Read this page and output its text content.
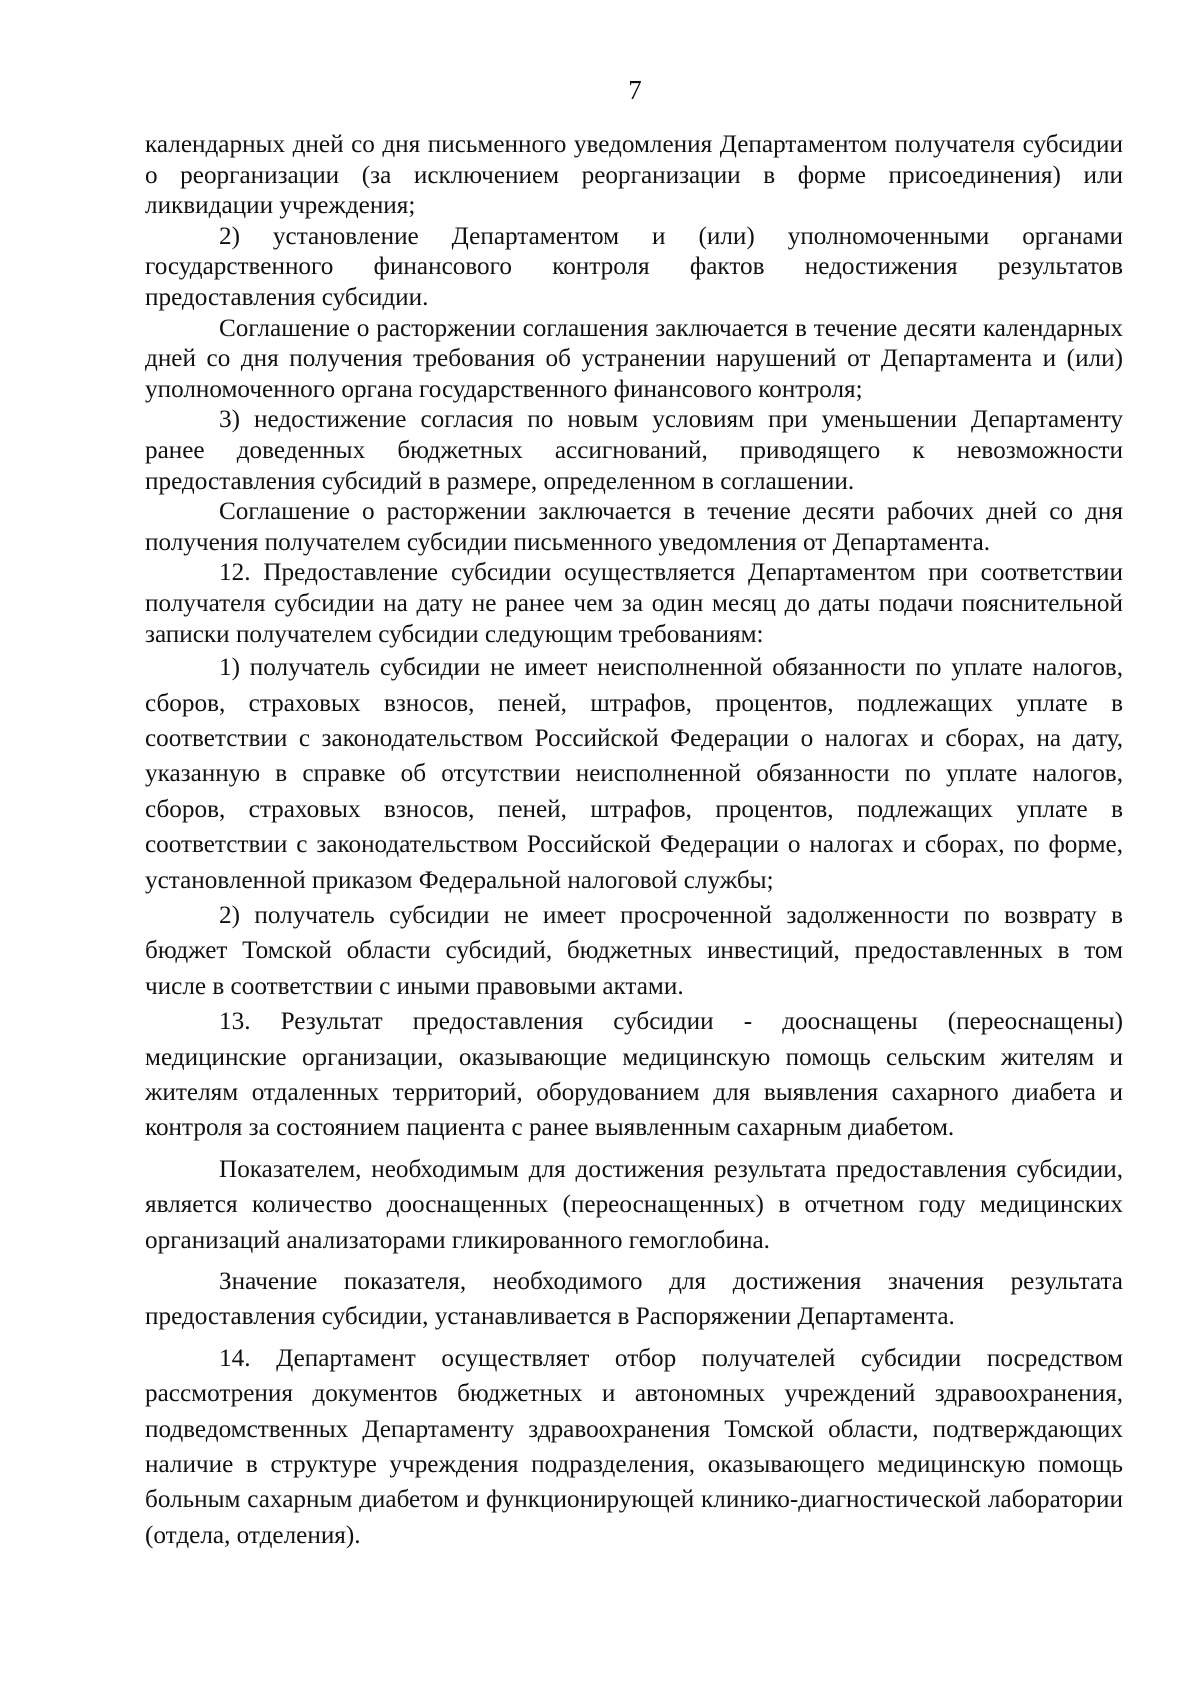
7

календарных дней со дня письменного уведомления Департаментом получателя субсидии о реорганизации (за исключением реорганизации в форме присоединения) или ликвидации учреждения;

2) установление Департаментом и (или) уполномоченными органами государственного финансового контроля фактов недостижения результатов предоставления субсидии.

Соглашение о расторжении соглашения заключается в течение десяти календарных дней со дня получения требования об устранении нарушений от Департамента и (или) уполномоченного органа государственного финансового контроля;

3) недостижение согласия по новым условиям при уменьшении Департаменту ранее доведенных бюджетных ассигнований, приводящего к невозможности предоставления субсидий в размере, определенном в соглашении.

Соглашение о расторжении заключается в течение десяти рабочих дней со дня получения получателем субсидии письменного уведомления от Департамента.

12. Предоставление субсидии осуществляется Департаментом при соответствии получателя субсидии на дату не ранее чем за один месяц до даты подачи пояснительной записки получателем субсидии следующим требованиям:

1) получатель субсидии не имеет неисполненной обязанности по уплате налогов, сборов, страховых взносов, пеней, штрафов, процентов, подлежащих уплате в соответствии с законодательством Российской Федерации о налогах и сборах, на дату, указанную в справке об отсутствии неисполненной обязанности по уплате налогов, сборов, страховых взносов, пеней, штрафов, процентов, подлежащих уплате в соответствии с законодательством Российской Федерации о налогах и сборах, по форме, установленной приказом Федеральной налоговой службы;

2) получатель субсидии не имеет просроченной задолженности по возврату в бюджет Томской области субсидий, бюджетных инвестиций, предоставленных в том числе в соответствии с иными правовыми актами.

13. Результат предоставления субсидии - дооснащены (переоснащены) медицинские организации, оказывающие медицинскую помощь сельским жителям и жителям отдаленных территорий, оборудованием для выявления сахарного диабета и контроля за состоянием пациента с ранее выявленным сахарным диабетом.

Показателем, необходимым для достижения результата предоставления субсидии, является количество дооснащенных (переоснащенных) в отчетном году медицинских организаций анализаторами гликированного гемоглобина.

Значение показателя, необходимого для достижения значения результата предоставления субсидии, устанавливается в Распоряжении Департамента.

14. Департамент осуществляет отбор получателей субсидии посредством рассмотрения документов бюджетных и автономных учреждений здравоохранения, подведомственных Департаменту здравоохранения Томской области, подтверждающих наличие в структуре учреждения подразделения, оказывающего медицинскую помощь больным сахарным диабетом и функционирующей клинико-диагностической лаборатории (отдела, отделения).
